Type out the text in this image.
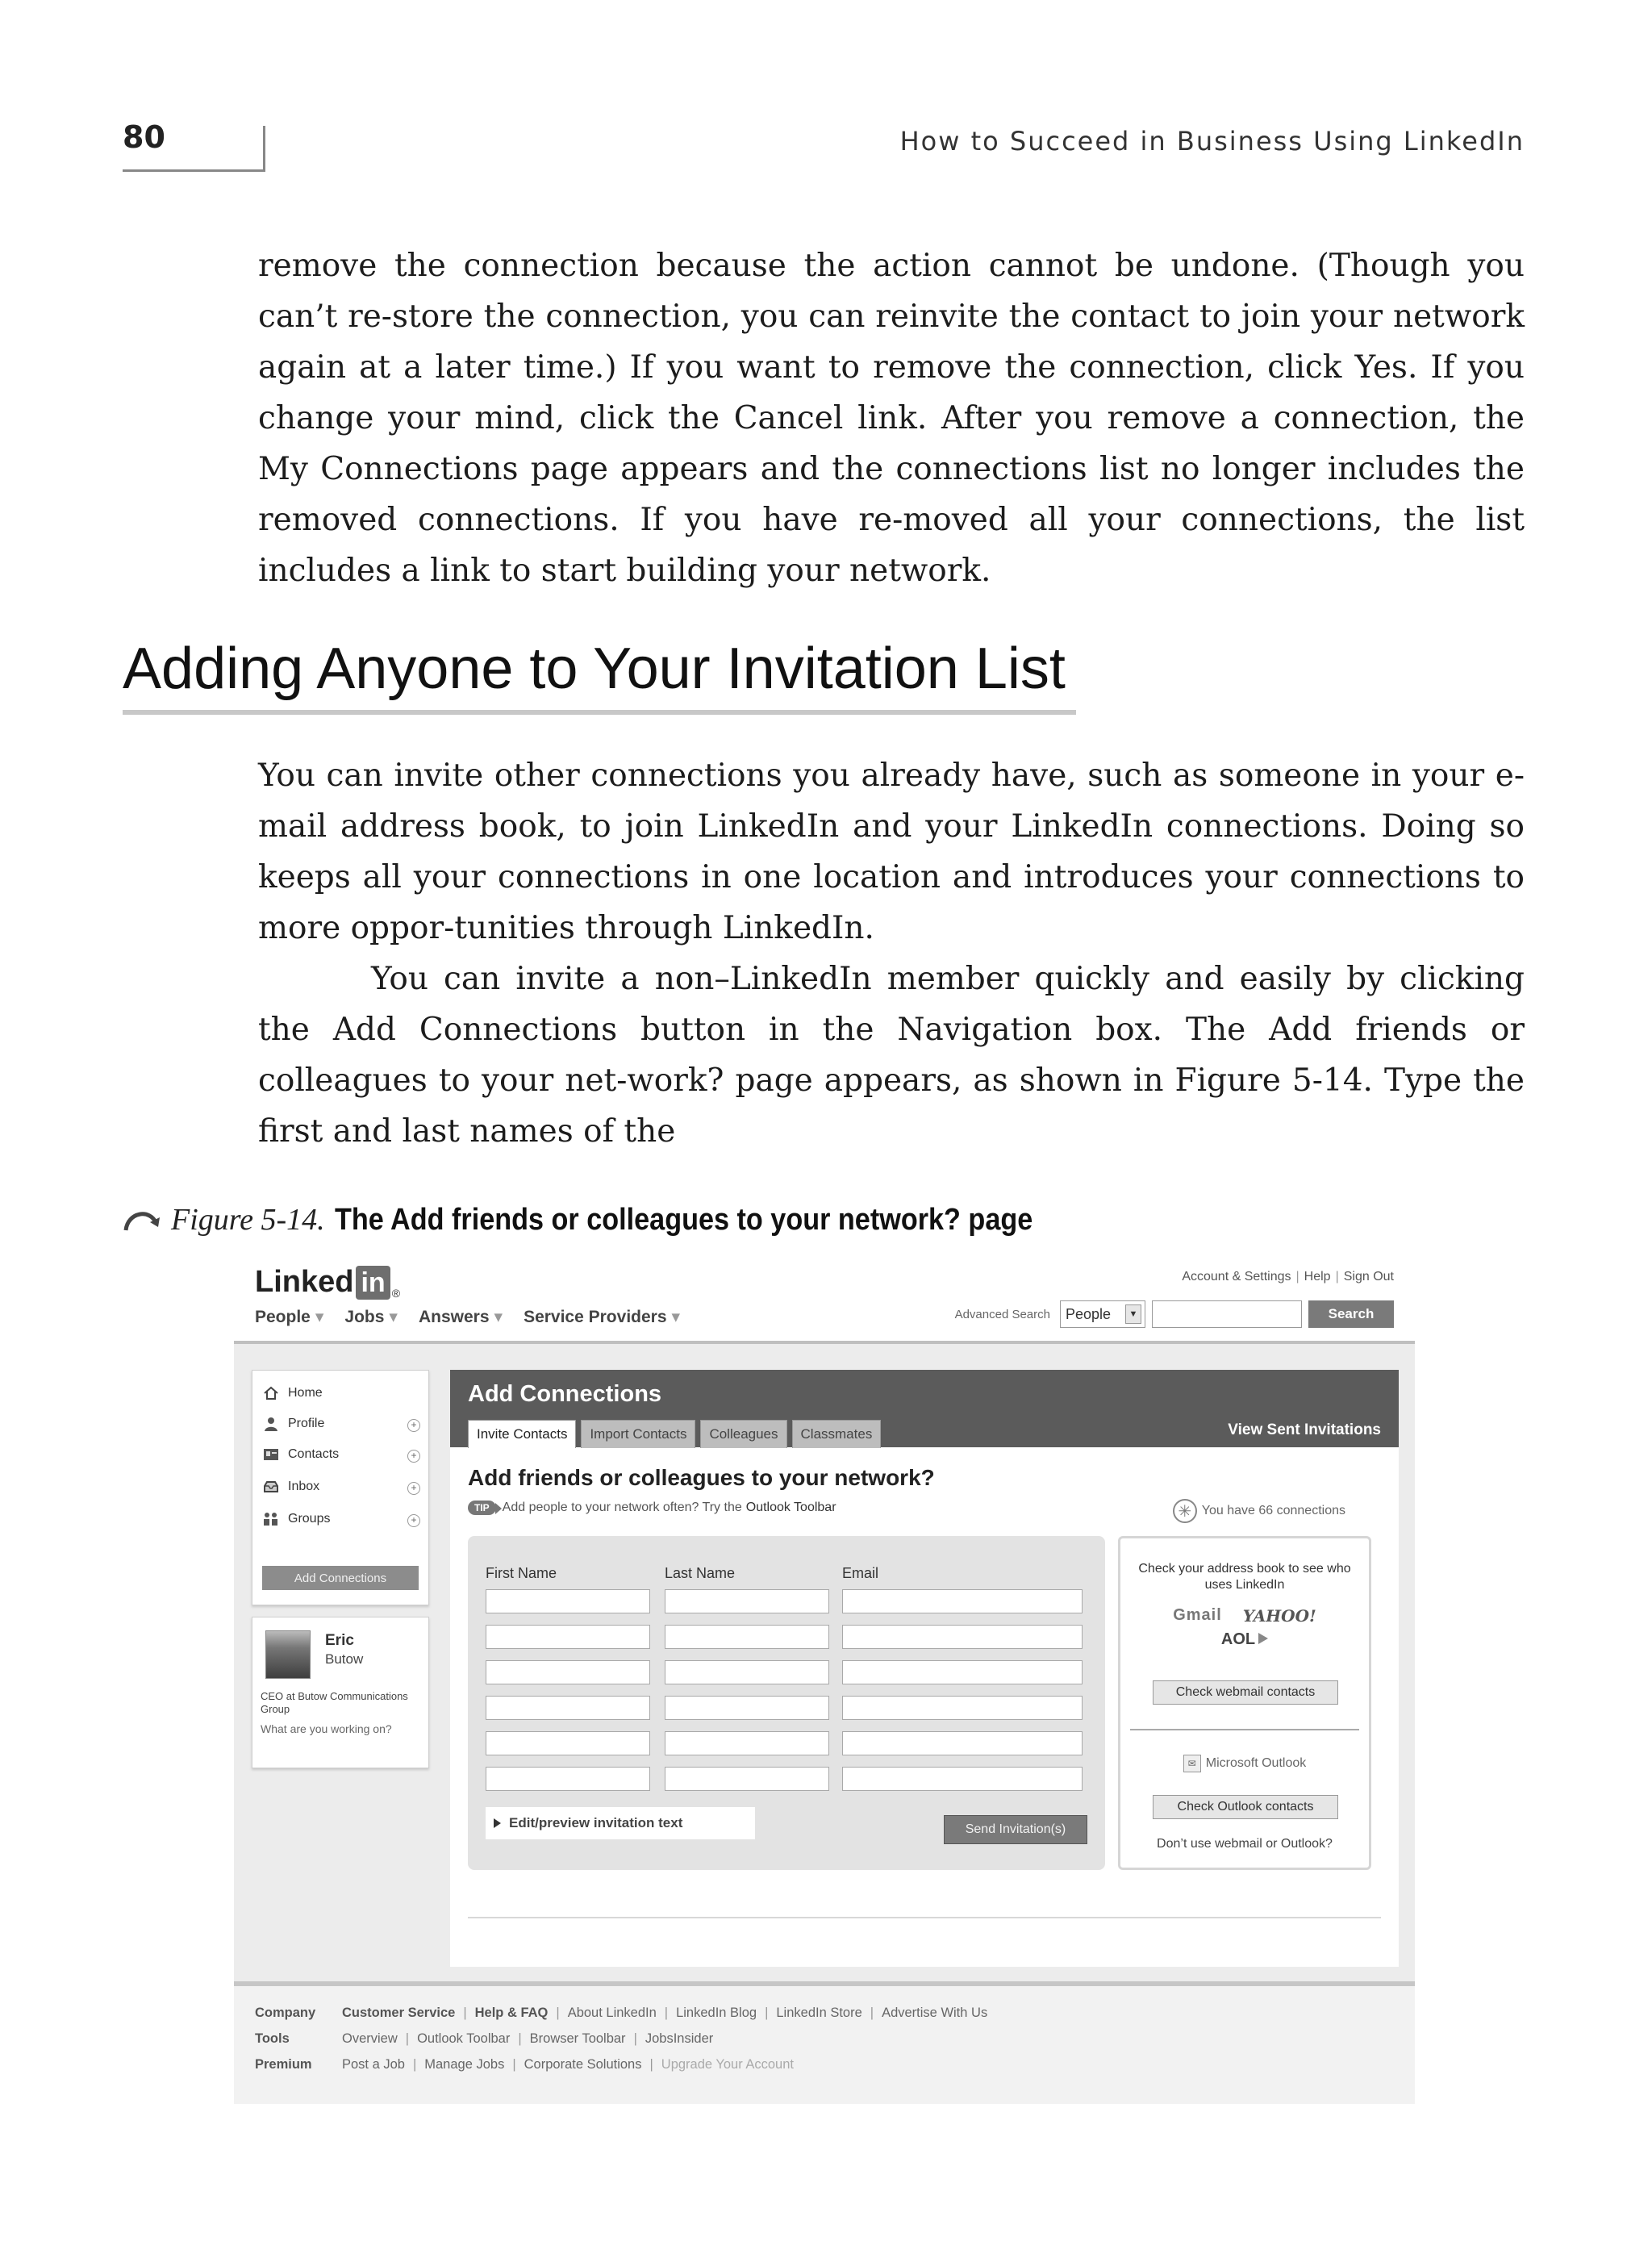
80	How to Succeed in Business Using LinkedIn

remove the connection because the action cannot be undone. (Though you can’t re-store the connection, you can reinvite the contact to join your network again at a later time.) If you want to remove the connection, click Yes. If you change your mind, click the Cancel link. After you remove a connection, the My Connections page appears and the connections list no longer includes the removed connections. If you have re-moved all your connections, the list includes a link to start building your network.

Adding Anyone to Your Invitation List

You can invite other connections you already have, such as someone in your e-mail address book, to join LinkedIn and your LinkedIn connections. Doing so keeps all your connections in one location and introduces your connections to more oppor-tunities through LinkedIn.

You can invite a non–LinkedIn member quickly and easily by clicking the Add Connections button in the Navigation box. The Add friends or colleagues to your net-work? page appears, as shown in Figure 5-14. Type the first and last names of the

Figure 5-14. The Add friends or colleagues to your network? page
Linked in ®
Account & Settings | Help | Sign Out
People ▾ Jobs ▾ Answers ▾ Service Providers ▾	Advanced Search People	▼	Search
Home
Profile	+
Contacts	+
Inbox	+
Groups	+
Add Connections
Eric
Butow
CEO at Butow Communications Group
What are you working on?
Add Connections
Invite Contacts	Import Contacts	Colleagues	Classmates	View Sent Invitations
Add friends or colleagues to your network?
TIP	Add people to your network often? Try the Outlook Toolbar	✳ You have
66 connections
First Name	Last Name	Email
Edit/preview invitation text	Send Invitation(s)
Check your address book to see who uses LinkedIn
Gmail YAHOO!
AOL
Check webmail contacts
✉ Microsoft Outlook
Check Outlook contacts
Don’t use webmail or Outlook?
Company	Customer Service | Help & FAQ | About LinkedIn | LinkedIn Blog | LinkedIn Store | Advertise With Us
Tools	Overview | Outlook Toolbar | Browser Toolbar | JobsInsider
Premium	Post a Job | Manage Jobs | Corporate Solutions | Upgrade Your Account
